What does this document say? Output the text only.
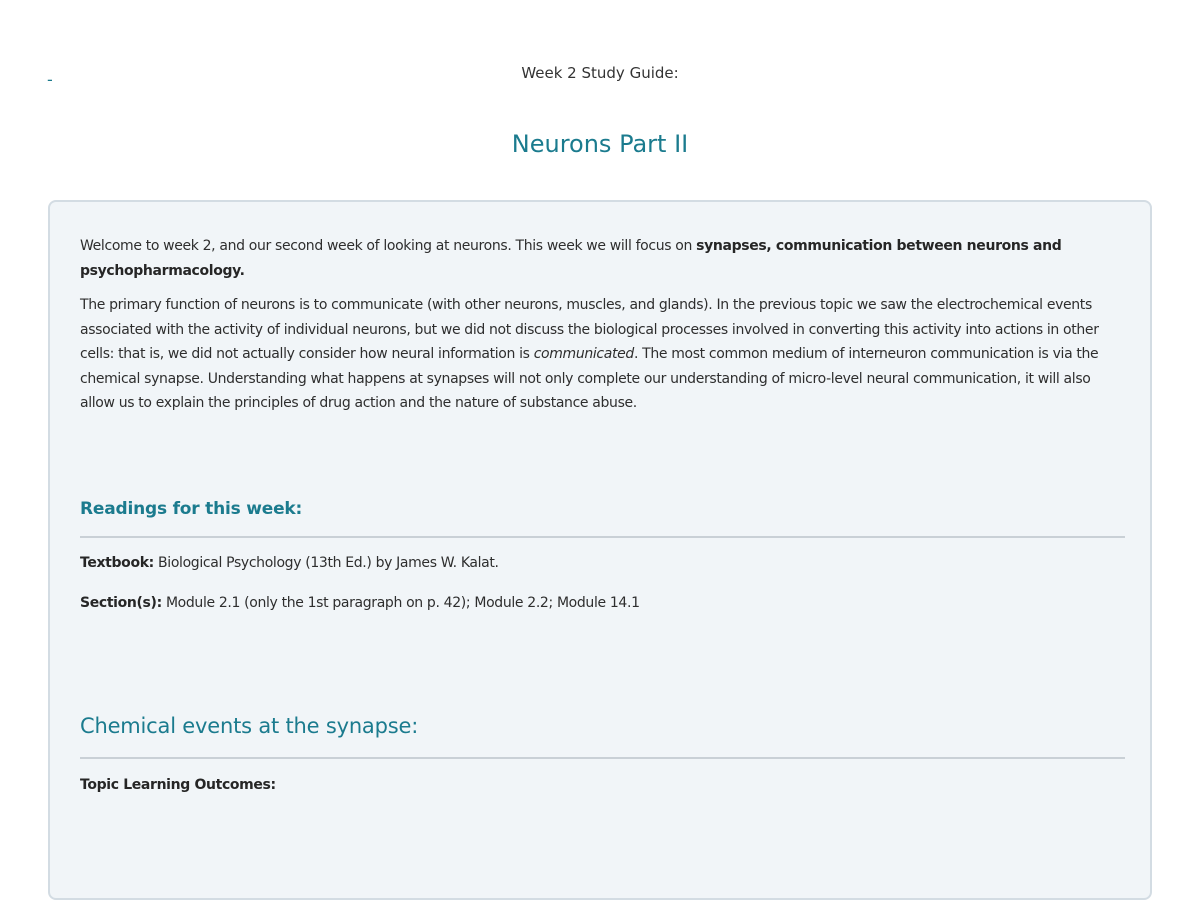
-	Week 2 Study Guide:
Neurons Part II

Welcome to week 2, and our second week of looking at neurons. This week we will focus on synapses, communication between neurons and psychopharmacology.

The primary function of neurons is to communicate (with other neurons, muscles, and glands). In the previous topic we saw the electrochemical events associated with the activity of individual neurons, but we did not discuss the biological processes involved in converting this activity into actions in other cells: that is, we did not actually consider how neural information is communicated. The most common medium of interneuron communication is via the chemical synapse. Understanding what happens at synapses will not only complete our understanding of micro-level neural communication, it will also allow us to explain the principles of drug action and the nature of substance abuse.

Readings for this week:

Textbook: Biological Psychology (13th Ed.) by James W. Kalat.

Section(s): Module 2.1 (only the 1st paragraph on p. 42); Module 2.2; Module 14.1

Chemical events at the synapse:

Topic Learning Outcomes:
